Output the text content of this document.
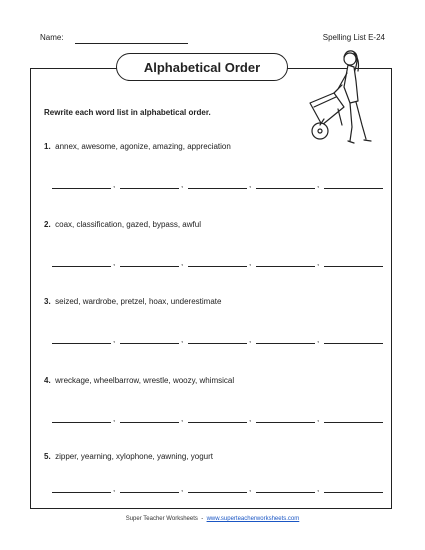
Name:	Spelling List E-24
Alphabetical Order
Rewrite each word list in alphabetical order.
1. annex, awesome, agonize, amazing, appreciation
,	,	,	,
2. coax, classification, gazed, bypass, awful
,	,	,	,
3. seized, wardrobe, pretzel, hoax, underestimate
,	,	,	,
4. wreckage, wheelbarrow, wrestle, woozy, whimsical
,	,	,	,
5. zipper, yearning, xylophone, yawning, yogurt
,	,	,	,
Super Teacher Worksheets - www.superteacherworksheets.com
